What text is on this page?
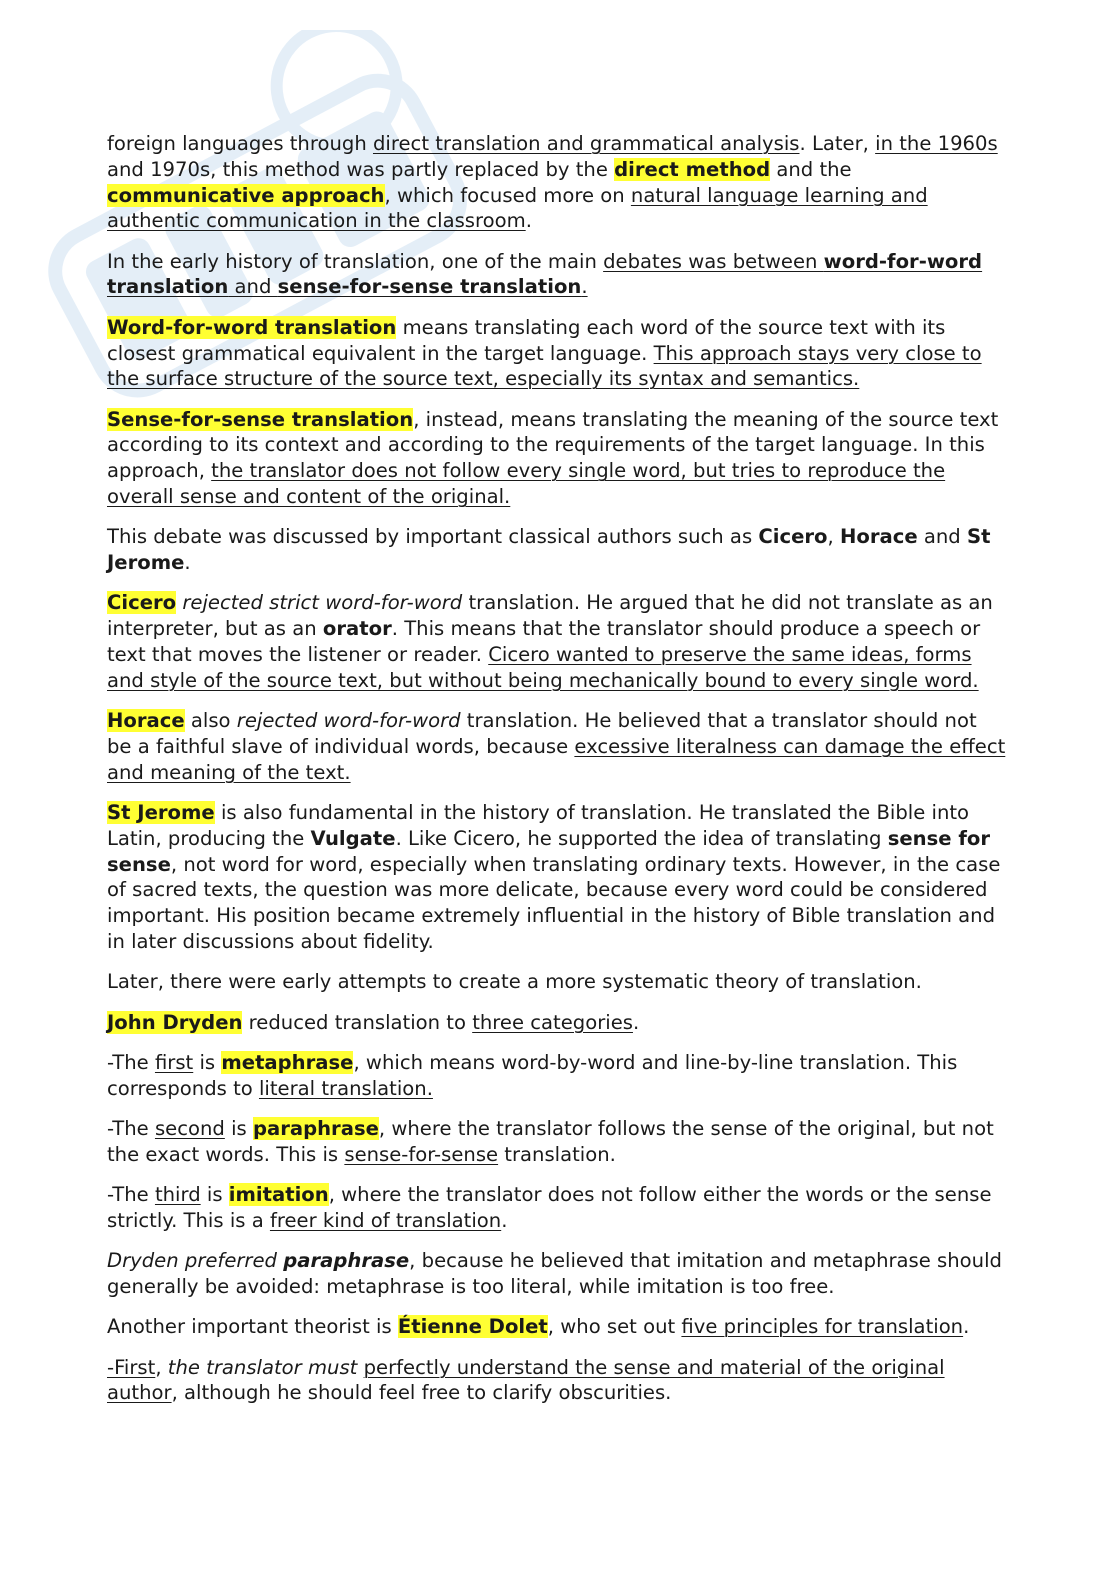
foreign languages through direct translation and grammatical analysis. Later, in the 1960s and 1970s, this method was partly replaced by the direct method and the communicative approach, which focused more on natural language learning and authentic communication in the classroom.

In the early history of translation, one of the main debates was between word-for-word translation and sense-for-sense translation.

Word-for-word translation means translating each word of the source text with its closest grammatical equivalent in the target language. This approach stays very close to the surface structure of the source text, especially its syntax and semantics.

Sense-for-sense translation, instead, means translating the meaning of the source text according to its context and according to the requirements of the target language. In this approach, the translator does not follow every single word, but tries to reproduce the overall sense and content of the original.

This debate was discussed by important classical authors such as Cicero, Horace and St Jerome.

Cicero rejected strict word-for-word translation. He argued that he did not translate as an interpreter, but as an orator. This means that the translator should produce a speech or text that moves the listener or reader. Cicero wanted to preserve the same ideas, forms and style of the source text, but without being mechanically bound to every single word.

Horace also rejected word-for-word translation. He believed that a translator should not be a faithful slave of individual words, because excessive literalness can damage the effect and meaning of the text.

St Jerome is also fundamental in the history of translation. He translated the Bible into Latin, producing the Vulgate. Like Cicero, he supported the idea of translating sense for sense, not word for word, especially when translating ordinary texts. However, in the case of sacred texts, the question was more delicate, because every word could be considered important. His position became extremely influential in the history of Bible translation and in later discussions about fidelity.

Later, there were early attempts to create a more systematic theory of translation.

John Dryden reduced translation to three categories.

-The first is metaphrase, which means word-by-word and line-by-line translation. This corresponds to literal translation.

-The second is paraphrase, where the translator follows the sense of the original, but not the exact words. This is sense-for-sense translation.

-The third is imitation, where the translator does not follow either the words or the sense strictly. This is a freer kind of translation.

Dryden preferred paraphrase, because he believed that imitation and metaphrase should generally be avoided: metaphrase is too literal, while imitation is too free.

Another important theorist is Étienne Dolet, who set out five principles for translation.

-First, the translator must perfectly understand the sense and material of the original author, although he should feel free to clarify obscurities.
